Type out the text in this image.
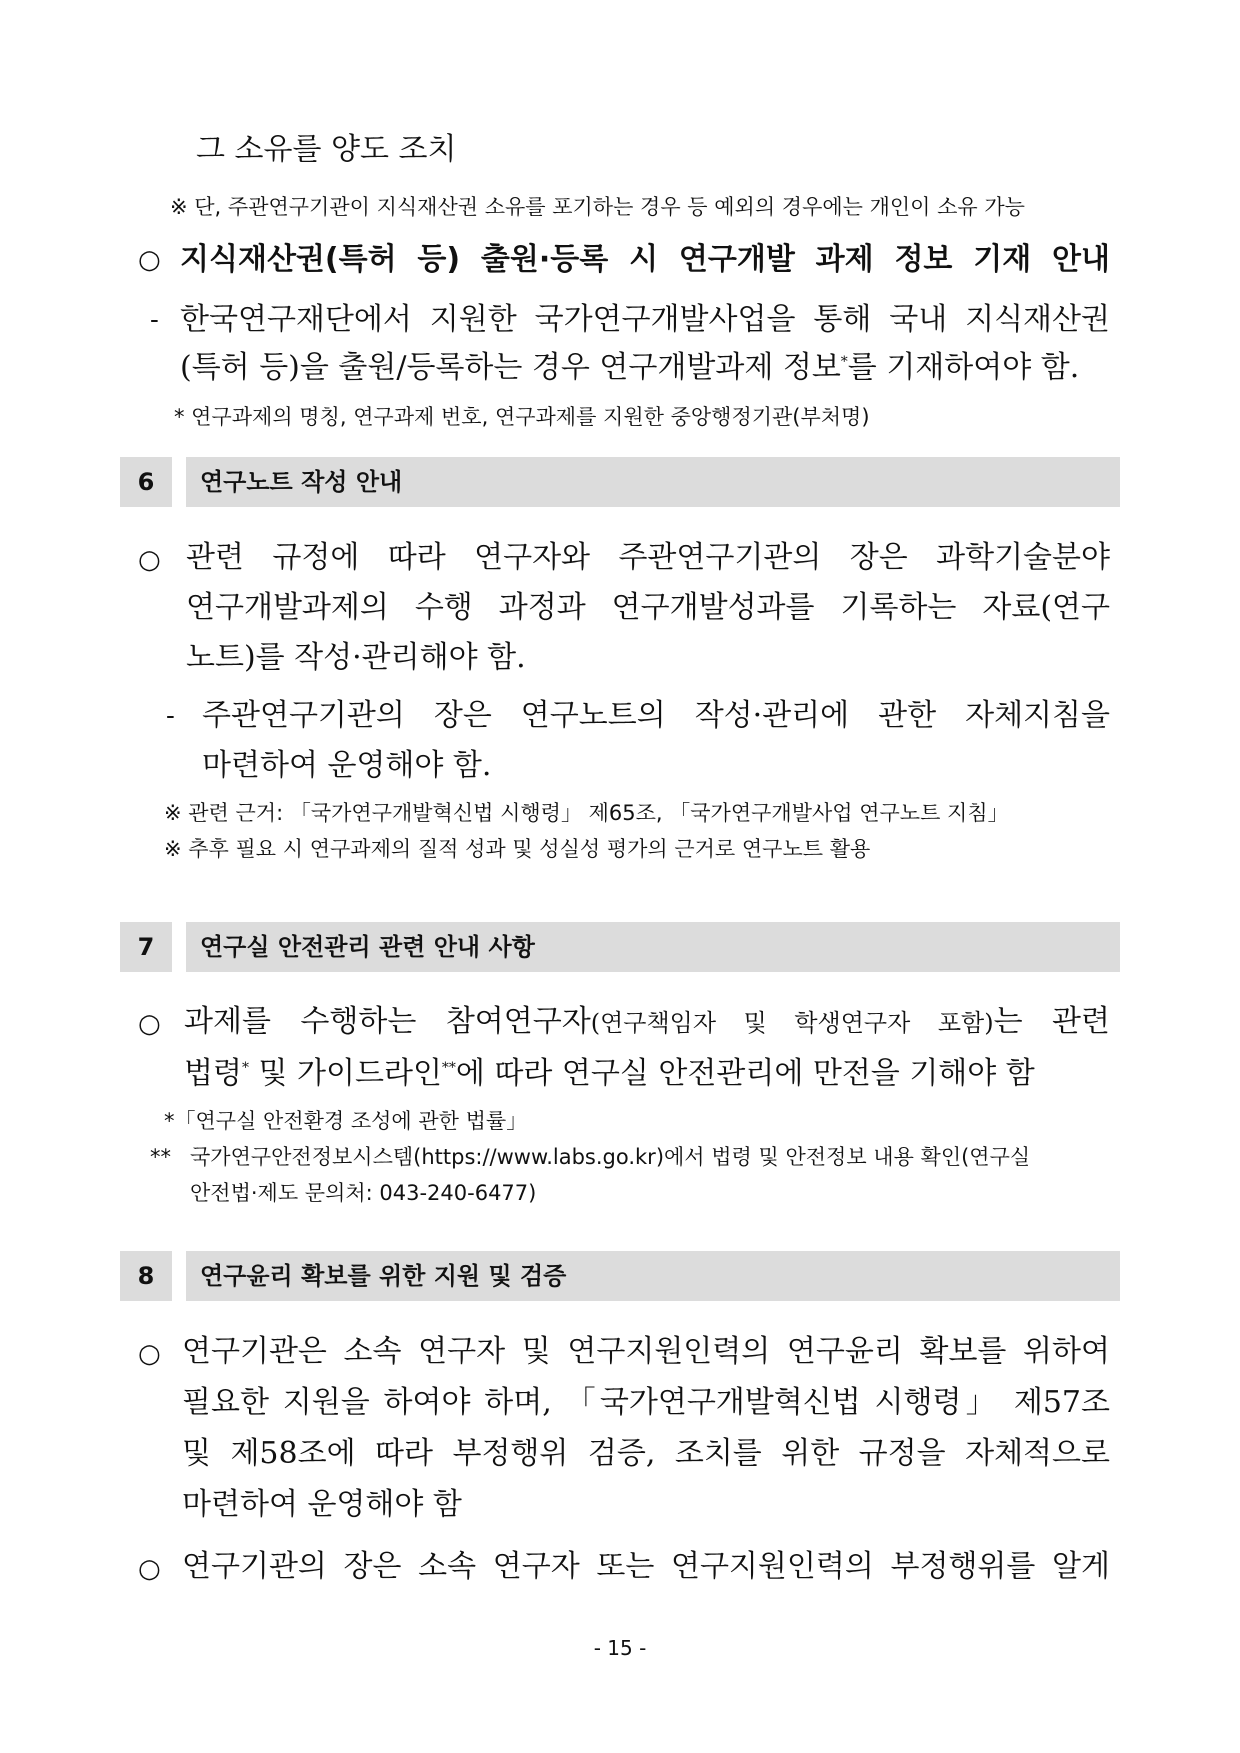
그 소유를 양도 조치
※ 단, 주관연구기관이 지식재산권 소유를 포기하는 경우 등 예외의 경우에는 개인이 소유 가능
○ 지식재산권(특허 등) 출원·등록 시 연구개발 과제 정보 기재 안내
- 한국연구재단에서 지원한 국가연구개발사업을 통해 국내 지식재산권
(특허 등)을 출원/등록하는 경우 연구개발과제 정보*를 기재하여야 함.
* 연구과제의 명칭, 연구과제 번호, 연구과제를 지원한 중앙행정기관(부처명)
6	연구노트 작성 안내
○ 관련 규정에 따라 연구자와 주관연구기관의 장은 과학기술분야
연구개발과제의 수행 과정과 연구개발성과를 기록하는 자료(연구
노트)를 작성·관리해야 함.
- 주관연구기관의 장은 연구노트의 작성·관리에 관한 자체지침을
마련하여 운영해야 함.
※ 관련 근거: 「국가연구개발혁신법 시행령」 제65조, 「국가연구개발사업 연구노트 지침」
※ 추후 필요 시 연구과제의 질적 성과 및 성실성 평가의 근거로 연구노트 활용
7	연구실 안전관리 관련 안내 사항
○ 과제를 수행하는 참여연구자(연구책임자 및 학생연구자 포함)는 관련
법령* 및 가이드라인**에 따라 연구실 안전관리에 만전을 기해야 함
*「연구실 안전환경 조성에 관한 법률」
** 국가연구안전정보시스템(https://www.labs.go.kr)에서 법령 및 안전정보 내용 확인(연구실
안전법·제도 문의처: 043-240-6477)
8	연구윤리 확보를 위한 지원 및 검증
○ 연구기관은 소속 연구자 및 연구지원인력의 연구윤리 확보를 위하여
필요한 지원을 하여야 하며, 「국가연구개발혁신법 시행령」 제57조
및 제58조에 따라 부정행위 검증, 조치를 위한 규정을 자체적으로
마련하여 운영해야 함
○ 연구기관의 장은 소속 연구자 또는 연구지원인력의 부정행위를 알게
- 15 -
